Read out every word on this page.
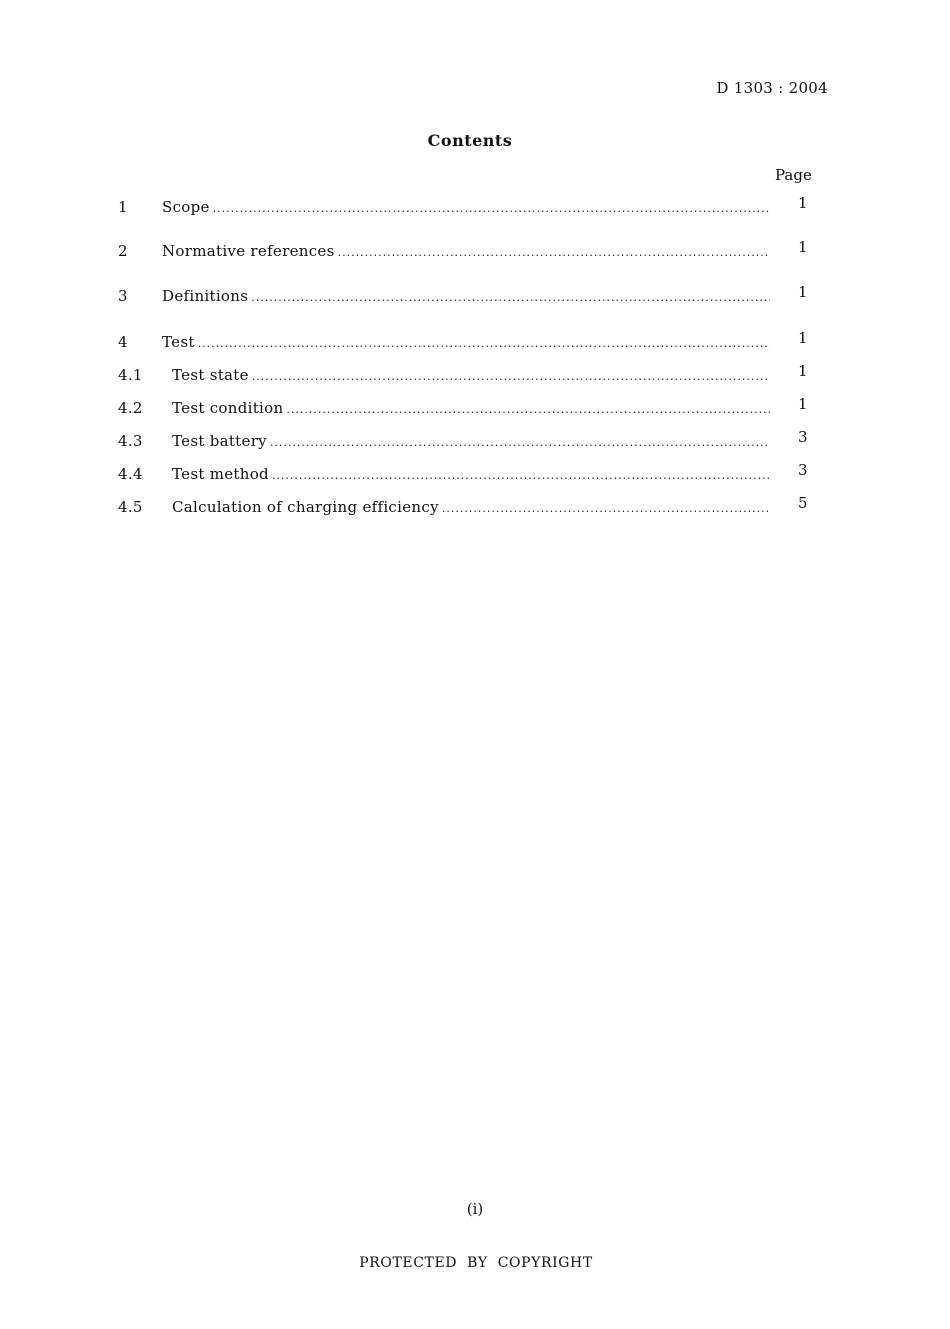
D 1303 : 2004
Contents
Page
1 Scope .....	1
2 Normative references .....	1
3 Definitions .....	1
4 Test .....	1
4.1 Test state .....	1
4.2 Test condition .....	1
4.3 Test battery .....	3
4.4 Test method .....	3
4.5 Calculation of charging efficiency .....	5
(i)
PROTECTED BY COPYRIGHT
